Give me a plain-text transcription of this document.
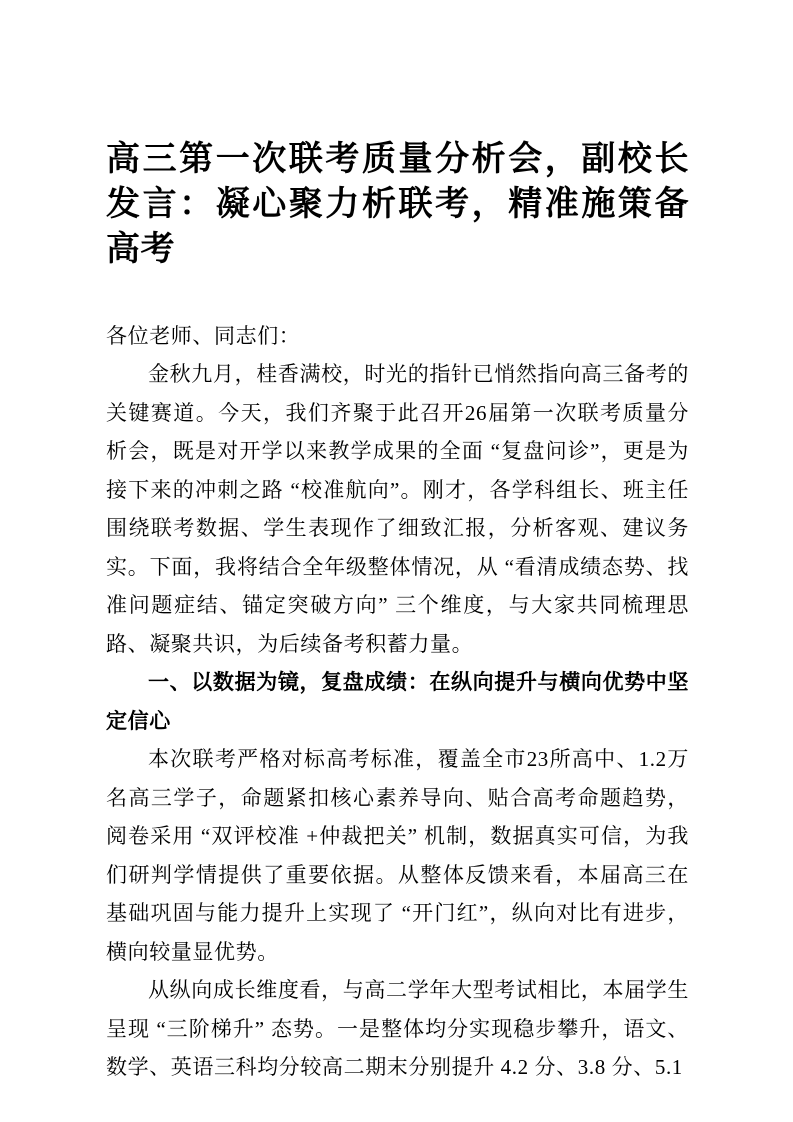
高三第一次联考质量分析会，副校长发言：凝心聚力析联考，精准施策备高考

各位老师、同志们：

金秋九月，桂香满校，时光的指针已悄然指向高三备考的关键赛道。今天，我们齐聚于此召开26届第一次联考质量分析会，既是对开学以来教学成果的全面 “复盘问诊”，更是为接下来的冲刺之路 “校准航向”。刚才，各学科组长、班主任围绕联考数据、学生表现作了细致汇报，分析客观、建议务实。下面，我将结合全年级整体情况，从 “看清成绩态势、找准问题症结、锚定突破方向” 三个维度，与大家共同梳理思路、凝聚共识，为后续备考积蓄力量。

一、以数据为镜，复盘成绩：在纵向提升与横向优势中坚定信心

本次联考严格对标高考标准，覆盖全市23所高中、1.2万名高三学子，命题紧扣核心素养导向、贴合高考命题趋势，阅卷采用 “双评校准 +仲裁把关” 机制，数据真实可信，为我们研判学情提供了重要依据。从整体反馈来看，本届高三在基础巩固与能力提升上实现了 “开门红”，纵向对比有进步，横向较量显优势。

从纵向成长维度看，与高二学年大型考试相比，本届学生呈现 “三阶梯升” 态势。一是整体均分实现稳步攀升，语文、数学、英语三科均分较高二期末分别提升 4.2 分、3.8 分、5.1
